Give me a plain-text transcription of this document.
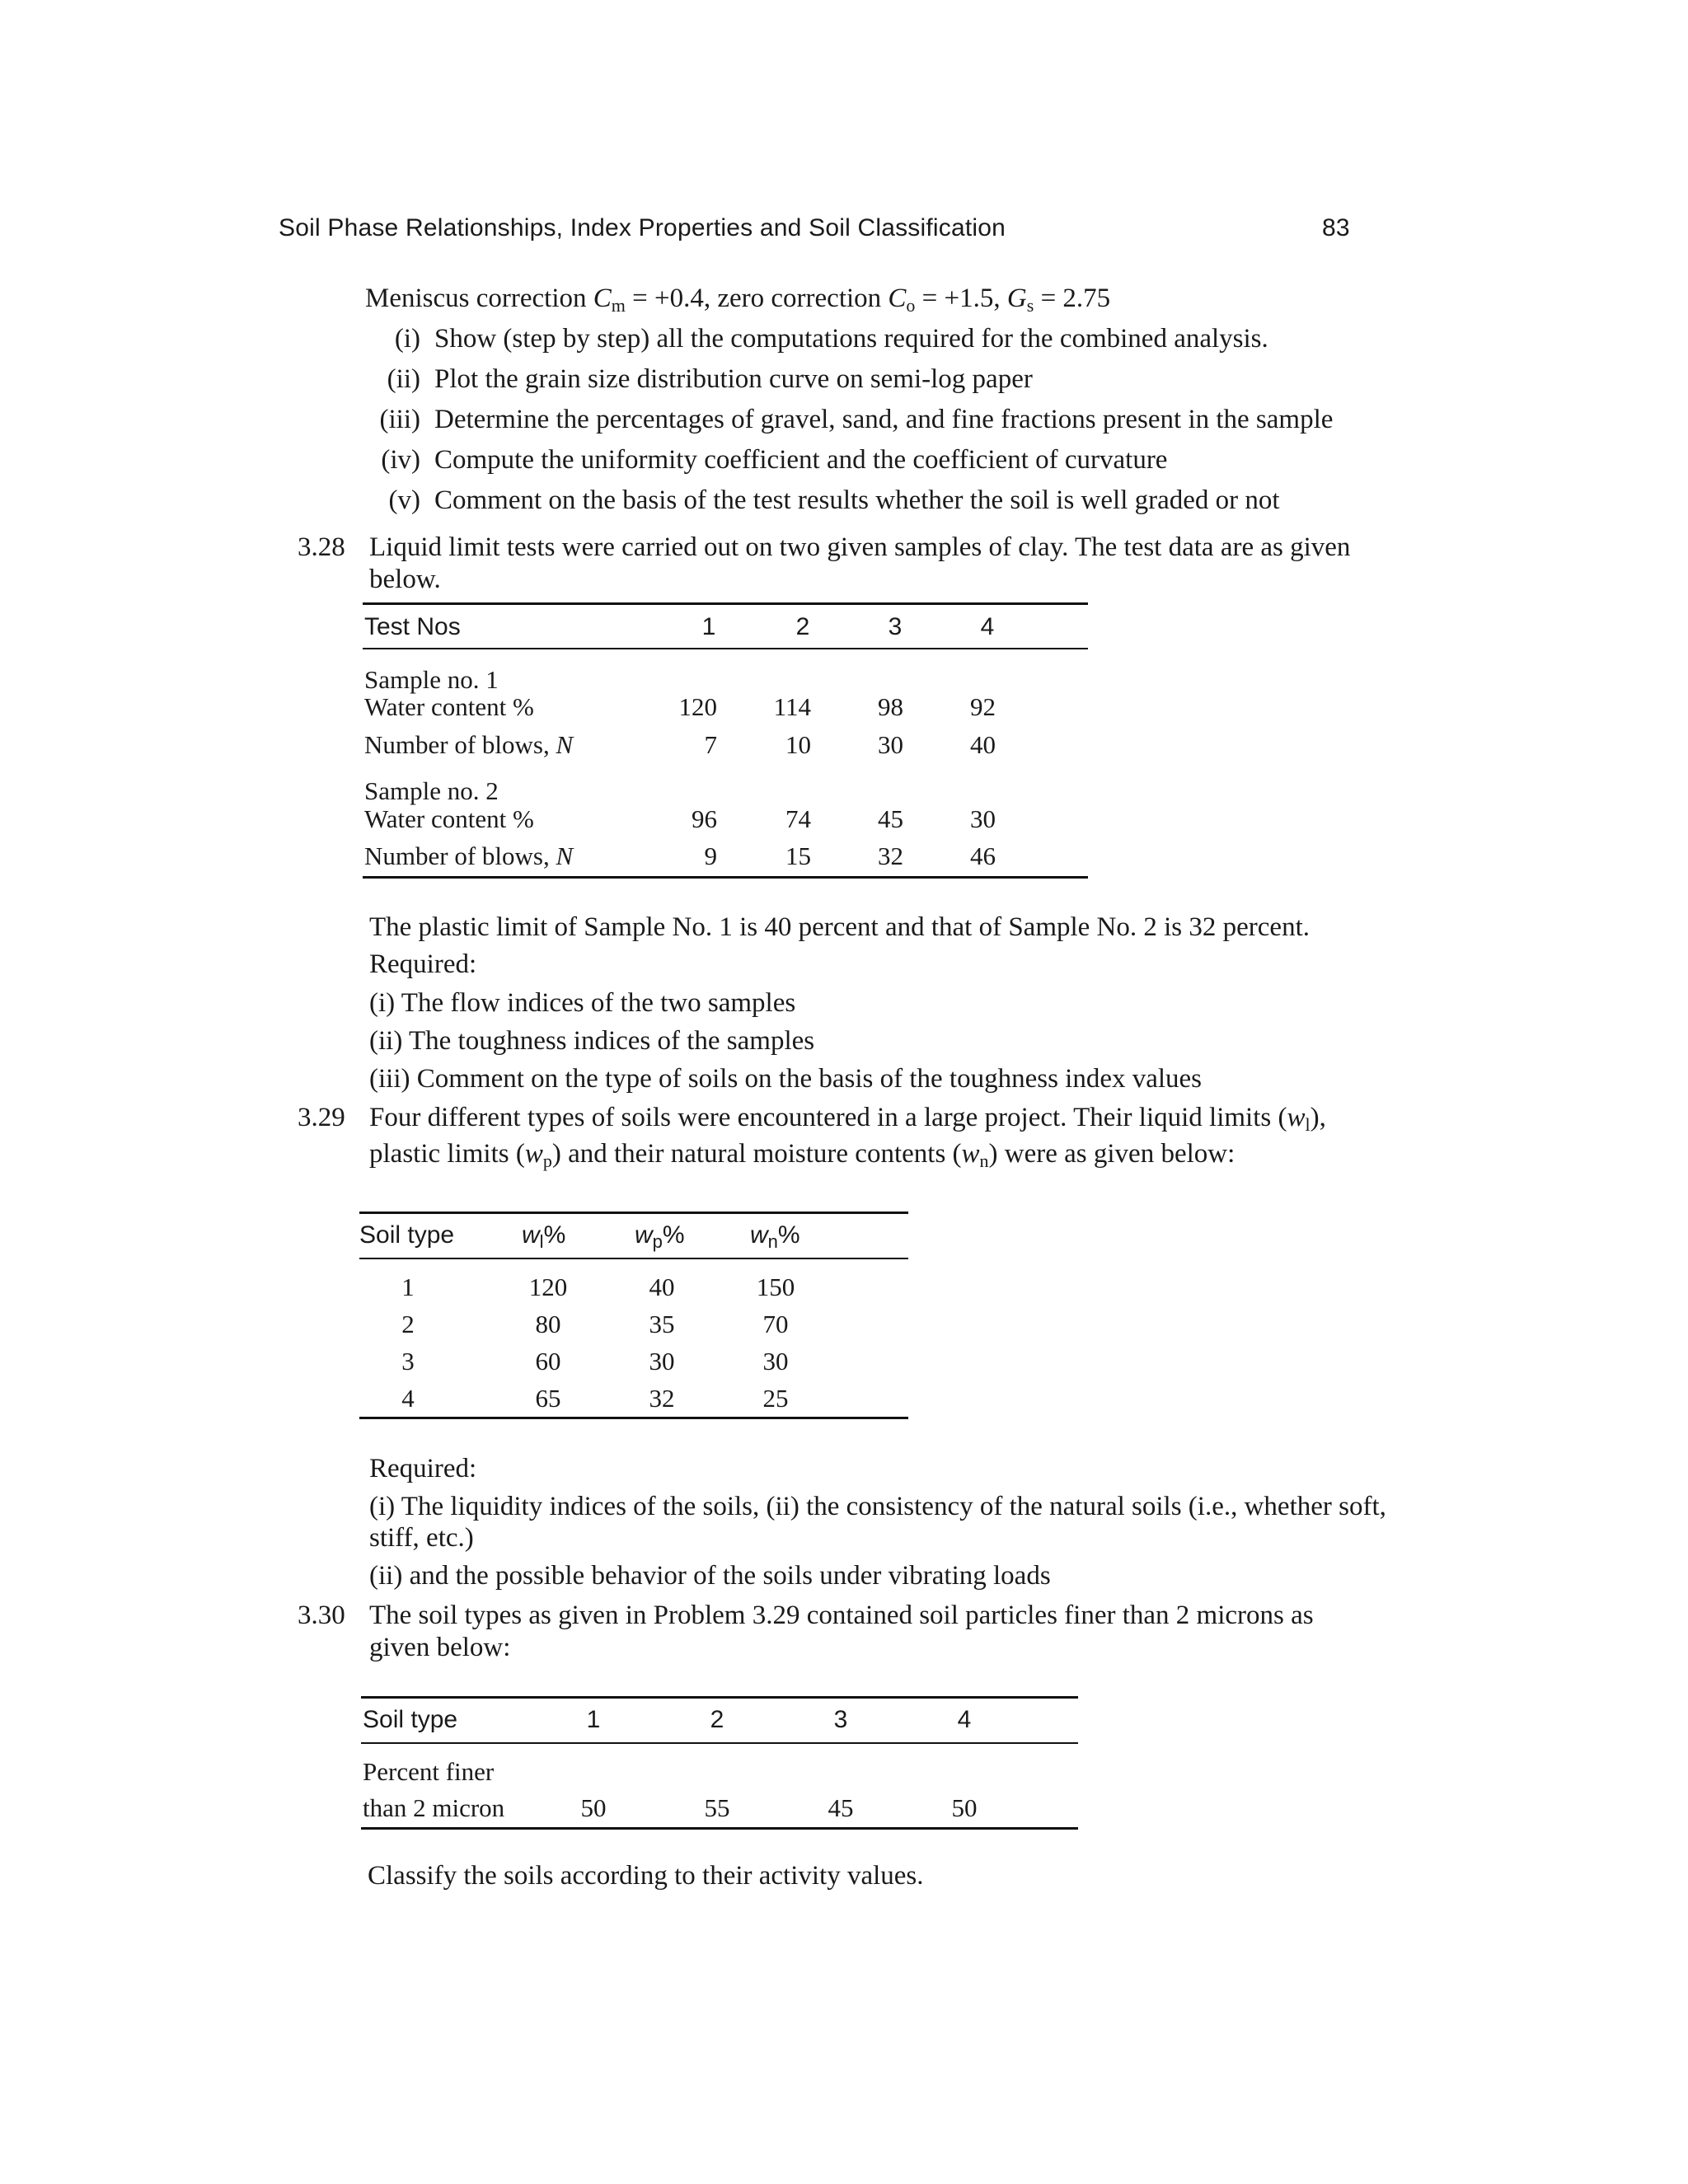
Soil Phase Relationships, Index Properties and Soil Classification	83
Meniscus correction $C_m = +0.4$, zero correction $C_o = +1.5$, $G_s = 2.75$
(i) Show (step by step) all the computations required for the combined analysis.
(ii) Plot the grain size distribution curve on semi-log paper
(iii) Determine the percentages of gravel, sand, and fine fractions present in the sample
(iv) Compute the uniformity coefficient and the coefficient of curvature
(v) Comment on the basis of the test results whether the soil is well graded or not
3.28 Liquid limit tests were carried out on two given samples of clay. The test data are as given
below.
Test Nos	1	2	3	4
Sample no. 1
Water content %	120	114	98	92
Number of blows, N	7	10	30	40
Sample no. 2
Water content %	96	74	45	30
Number of blows, N	9	15	32	46
The plastic limit of Sample No. 1 is 40 percent and that of Sample No. 2 is 32 percent.
Required:
(i) The flow indices of the two samples
(ii) The toughness indices of the samples
(iii) Comment on the type of soils on the basis of the toughness index values
3.29 Four different types of soils were encountered in a large project. Their liquid limits $(w_l)$,
plastic limits $(w_p)$ and their natural moisture contents $(w_n)$ were as given below:
Soil type	$w_l\%$	$w_p\%$	$w_n\%$
1	120	40	150
2	80	35	70
3	60	30	30
4	65	32	25
Required:
(i) The liquidity indices of the soils, (ii) the consistency of the natural soils (i.e., whether soft,
stiff, etc.)
(ii) and the possible behavior of the soils under vibrating loads
3.30 The soil types as given in Problem 3.29 contained soil particles finer than 2 microns as
given below:
Soil type	1	2	3	4
Percent finer
than 2 micron	50	55	45	50
Classify the soils according to their activity values.
